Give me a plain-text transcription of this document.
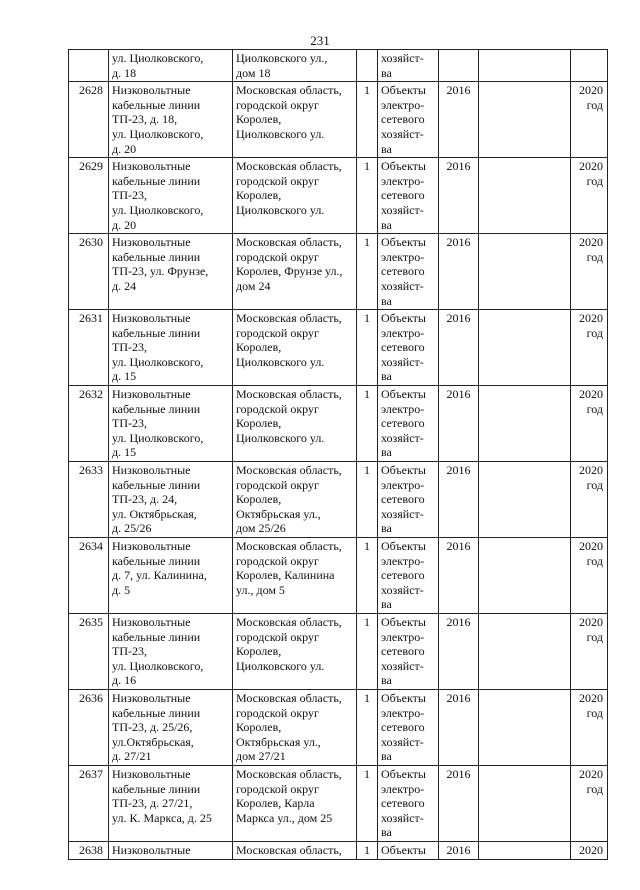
231
	ул. Циолковского,
д. 18	Циолковского ул.,
дом 18		хозяйст-
ва			
2628	Низковольтные
кабельные линии
ТП-23, д. 18,
ул. Циолковского,
д. 20	Московская область,
городской округ
Королев,
Циолковского ул.	1	Объекты
электро-
сетевого
хозяйст-
ва	2016		2020
год
2629	Низковольтные
кабельные линии
ТП-23,
ул. Циолковского,
д. 20	Московская область,
городской округ
Королев,
Циолковского ул.	1	Объекты
электро-
сетевого
хозяйст-
ва	2016		2020
год
2630	Низковольтные
кабельные линии
ТП-23, ул. Фрунзе,
д. 24	Московская область,
городской округ
Королев, Фрунзе ул.,
дом 24	1	Объекты
электро-
сетевого
хозяйст-
ва	2016		2020
год
2631	Низковольтные
кабельные линии
ТП-23,
ул. Циолковского,
д. 15	Московская область,
городской округ
Королев,
Циолковского ул.	1	Объекты
электро-
сетевого
хозяйст-
ва	2016		2020
год
2632	Низковольтные
кабельные линии
ТП-23,
ул. Циолковского,
д. 15	Московская область,
городской округ
Королев,
Циолковского ул.	1	Объекты
электро-
сетевого
хозяйст-
ва	2016		2020
год
2633	Низковольтные
кабельные линии
ТП-23, д. 24,
ул. Октябрьская,
д. 25/26	Московская область,
городской округ
Королев,
Октябрьская ул.,
дом 25/26	1	Объекты
электро-
сетевого
хозяйст-
ва	2016		2020
год
2634	Низковольтные
кабельные линии
д. 7, ул. Калинина,
д. 5	Московская область,
городской округ
Королев, Калинина
ул., дом 5	1	Объекты
электро-
сетевого
хозяйст-
ва	2016		2020
год
2635	Низковольтные
кабельные линии
ТП-23,
ул. Циолковского,
д. 16	Московская область,
городской округ
Королев,
Циолковского ул.	1	Объекты
электро-
сетевого
хозяйст-
ва	2016		2020
год
2636	Низковольтные
кабельные линии
ТП-23, д. 25/26,
ул.Октябрьская,
д. 27/21	Московская область,
городской округ
Королев,
Октябрьская ул.,
дом 27/21	1	Объекты
электро-
сетевого
хозяйст-
ва	2016		2020
год
2637	Низковольтные
кабельные линии
ТП-23, д. 27/21,
ул. К. Маркса, д. 25	Московская область,
городской округ
Королев, Карла
Маркса ул., дом 25	1	Объекты
электро-
сетевого
хозяйст-
ва	2016		2020
год
2638	Низковольтные	Московская область,	1	Объекты	2016		2020
